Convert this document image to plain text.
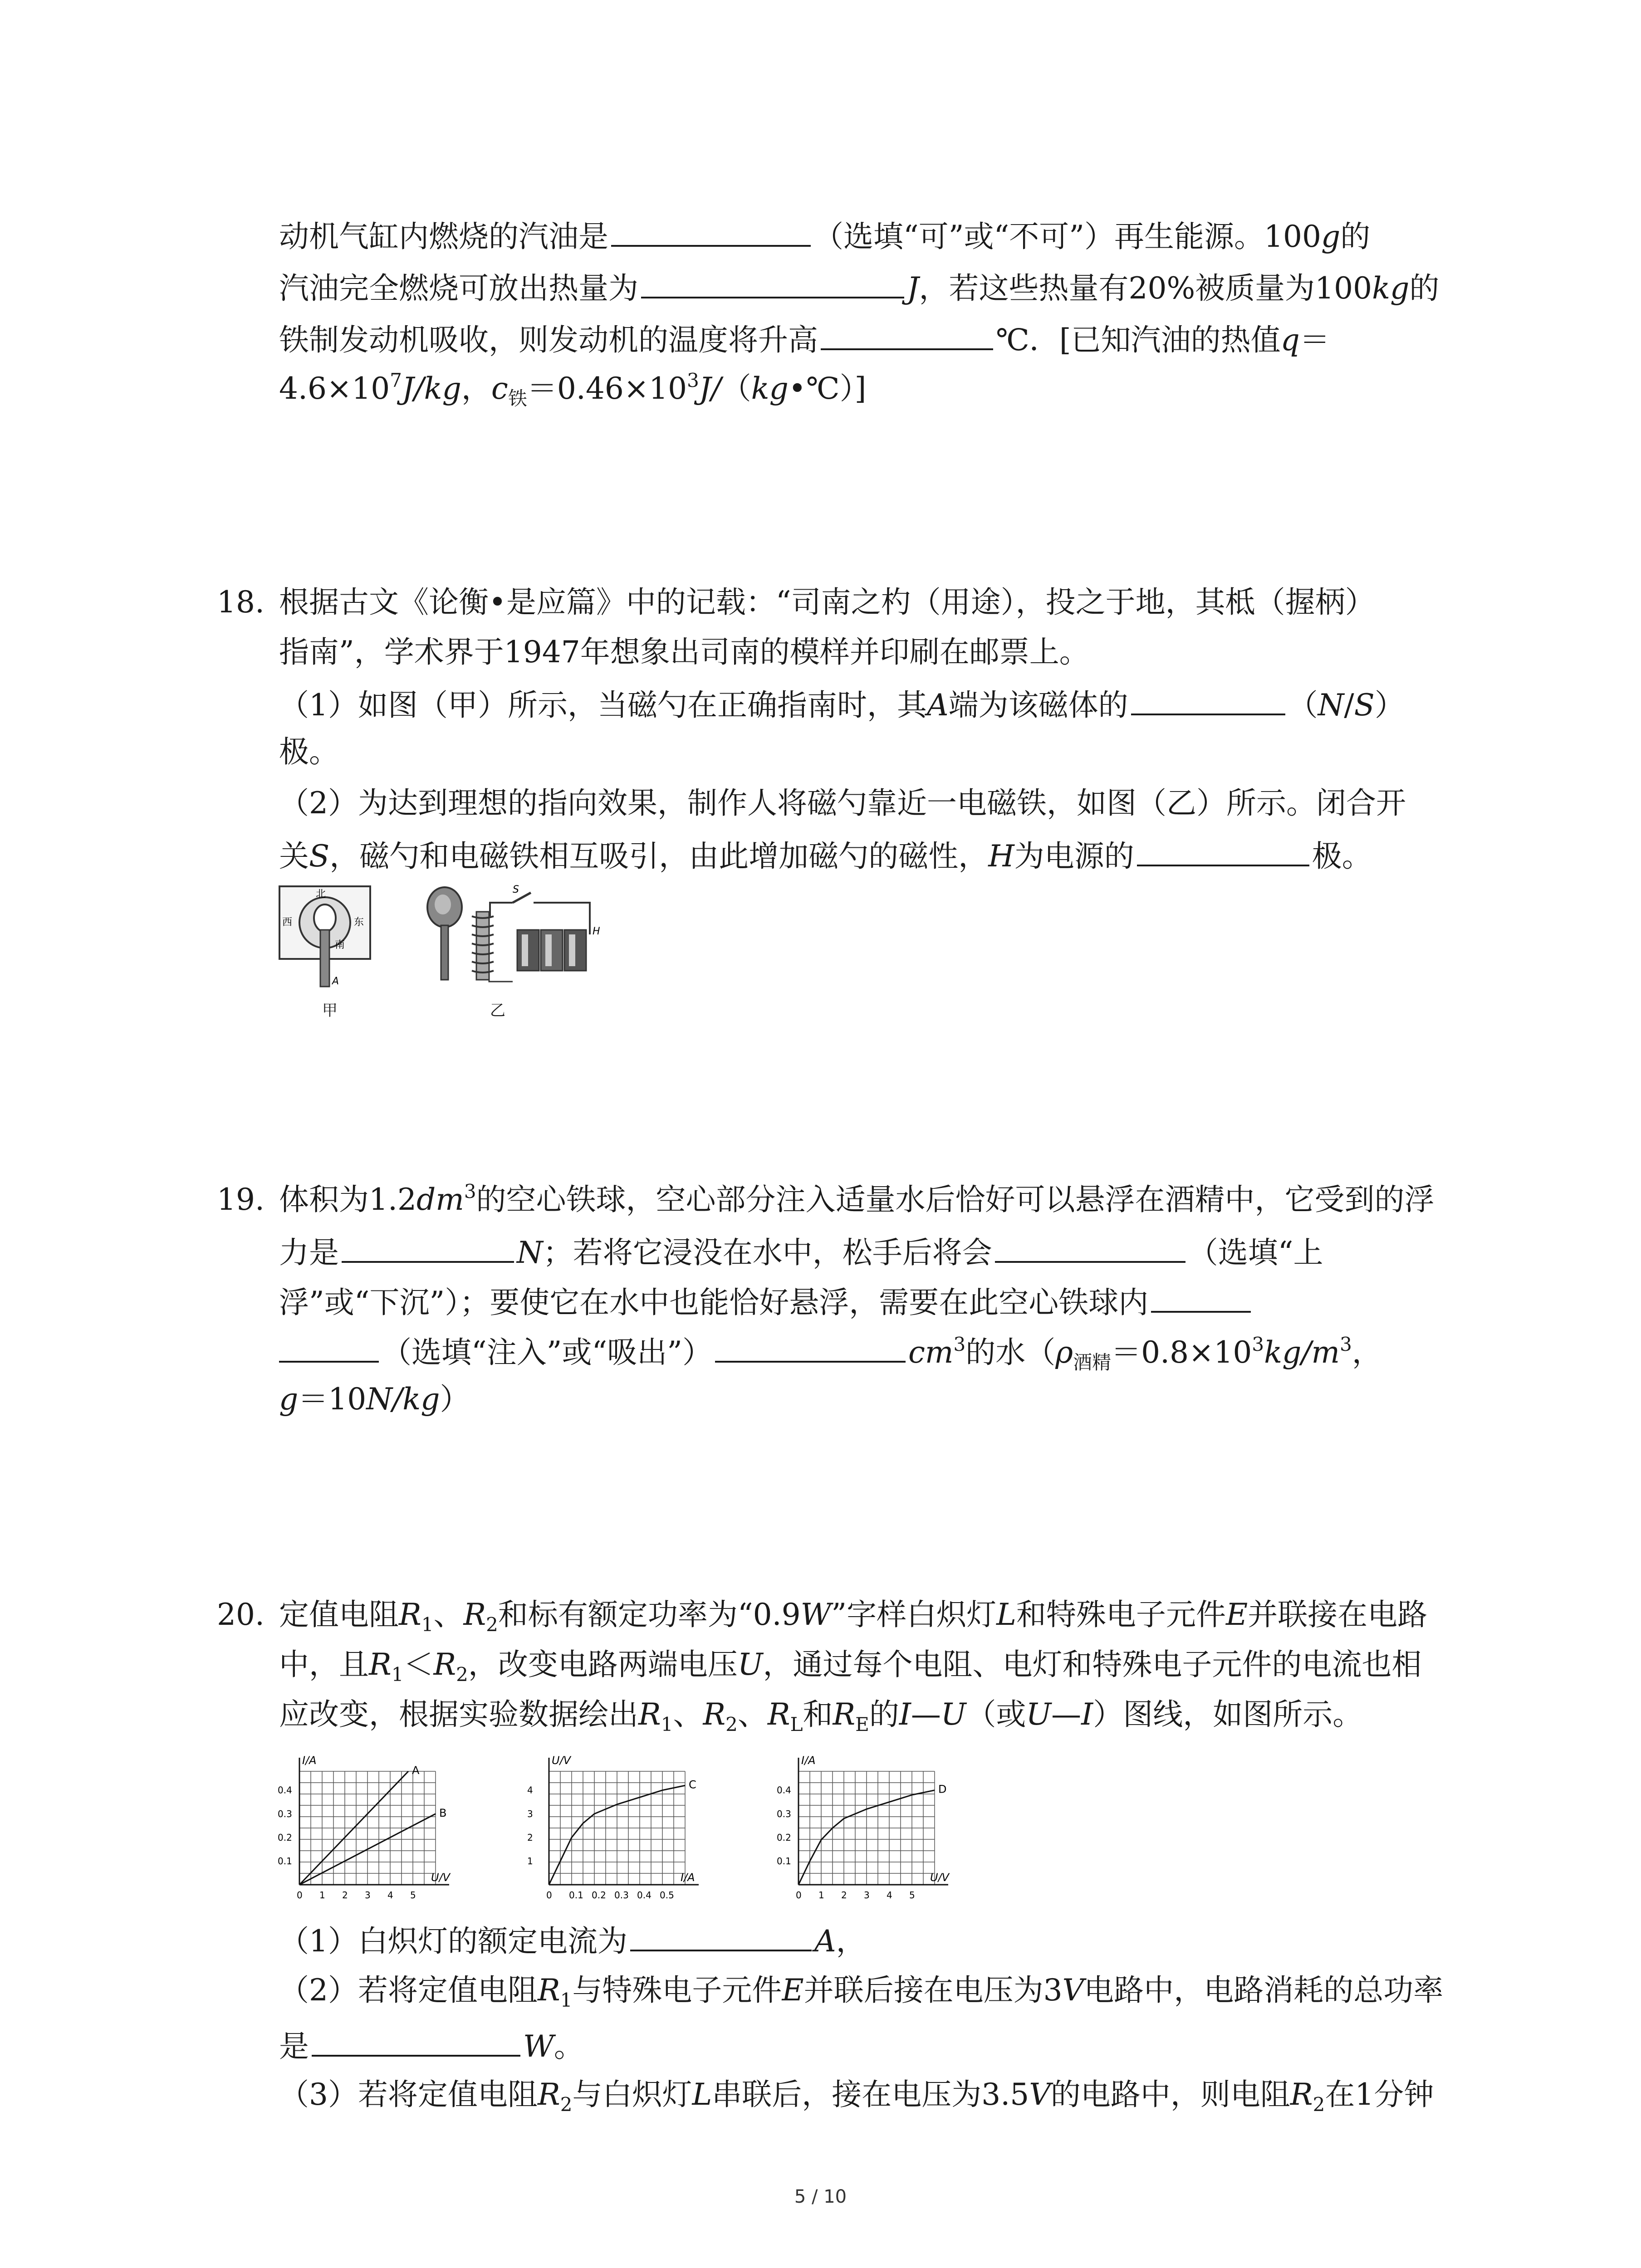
动机气缸内燃烧的汽油是	（选填“可”或“不可”）再生能源。100g的
汽油完全燃烧可放出热量为	J，若这些热量有20%被质量为100kg的
铁制发动机吸收，则发动机的温度将升高	℃．[已知汽油的热值q＝
$4.6\times 10^7J/kg$，$c_铁=0.46\times 10^3J/(kg•℃)$]
18. 根据古文《论衡•是应篇》中的记载：“司南之杓（用途），投之于地，其柢（握柄）
指南”，学术界于1947年想象出司南的模样并印刷在邮票上。
（1）如图（甲）所示，当磁勺在正确指南时，其A端为该磁体的	（N/S）
极。
（2）为达到理想的指向效果，制作人将磁勺靠近一电磁铁，如图（乙）所示。闭合开
关S，磁勺和电磁铁相互吸引，由此增加磁勺的磁性，H为电源的	极。
北
西	东
南
A
甲
S
H
乙
19. 体积为$1.2dm^3$的空心铁球，空心部分注入适量水后恰好可以悬浮在酒精中，它受到的浮
力是	N；若将它浸没在水中，松手后将会	（选填“上
浮”或“下沉”）；要使它在水中也能恰好悬浮，需要在此空心铁球内
（选填“注入”或“吸出”）	$cm^3$的水（$\rho_{酒精}=0.8\times 10^3kg/m^3$，
g＝10N/kg）
20. 定值电阻$R_1$、$R_2$和标有额定功率为“0.9W”字样白炽灯L和特殊电子元件E并联接在电路
中，且$R_1<R_2$，改变电路两端电压U，通过每个电阻、电灯和特殊电子元件的电流也相
应改变，根据实验数据绘出$R_1$、$R_2$、$R_L$和$R_E$的I—U（或U—I）图线，如图所示。
I/A
U/V
0 1 2 3 4 5
0.1
0.2
0.3
0.4
A
B
U/V
I/A
0 0.1 0.2 0.3 0.4 0.5
1
2
3
4	C
I/A
U/V
0 1 2 3 4 5
0.1
0.2
0.3
0.4	D
（1）白炽灯的额定电流为	A，
（2）若将定值电阻$R_1$与特殊电子元件E并联后接在电压为3V电路中，电路消耗的总功率
是	W。
（3）若将定值电阻$R_2$与白炽灯L串联后，接在电压为3.5V的电路中，则电阻$R_2$在1分钟
5 / 10
